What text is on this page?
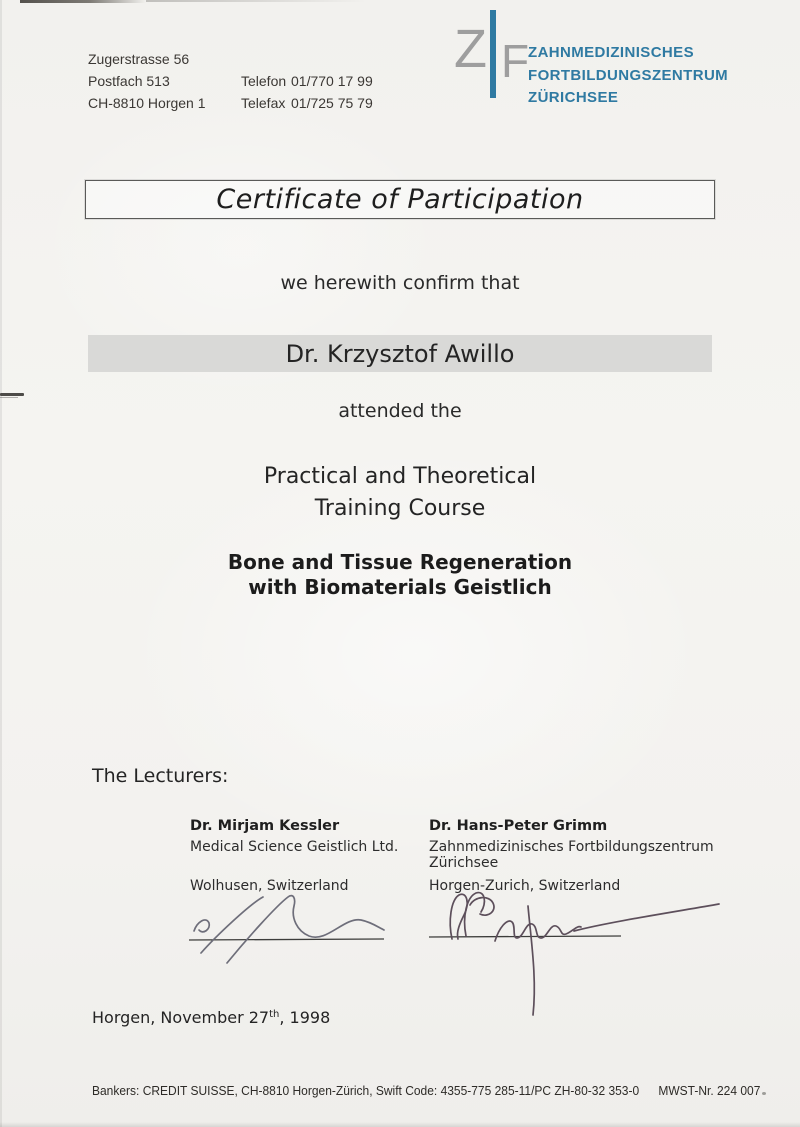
Zugerstrasse 56
Postfach 513
CH-8810 Horgen 1
Telefon 01/770 17 99
Telefax 01/725 75 79
Z F
ZAHNMEDIZINISCHES
FORTBILDUNGSZENTRUM
ZÜRICHSEE
Certificate of Participation
we herewith confirm that
Dr. Krzysztof Awillo
attended the
Practical and Theoretical
Training Course
Bone and Tissue Regeneration
with Biomaterials Geistlich
The Lecturers:
Dr. Mirjam Kessler
Medical Science Geistlich Ltd.
Wolhusen, Switzerland
Dr. Hans-Peter Grimm
Zahnmedizinisches Fortbildungszentrum
Zürichsee
Horgen-Zurich, Switzerland
Horgen, November 27th, 1998
Bankers: CREDIT SUISSE, CH-8810 Horgen-Zürich, Swift Code: 4355-775 285-11/PC ZH-80-32 353-0 MWST-Nr. 224 007
